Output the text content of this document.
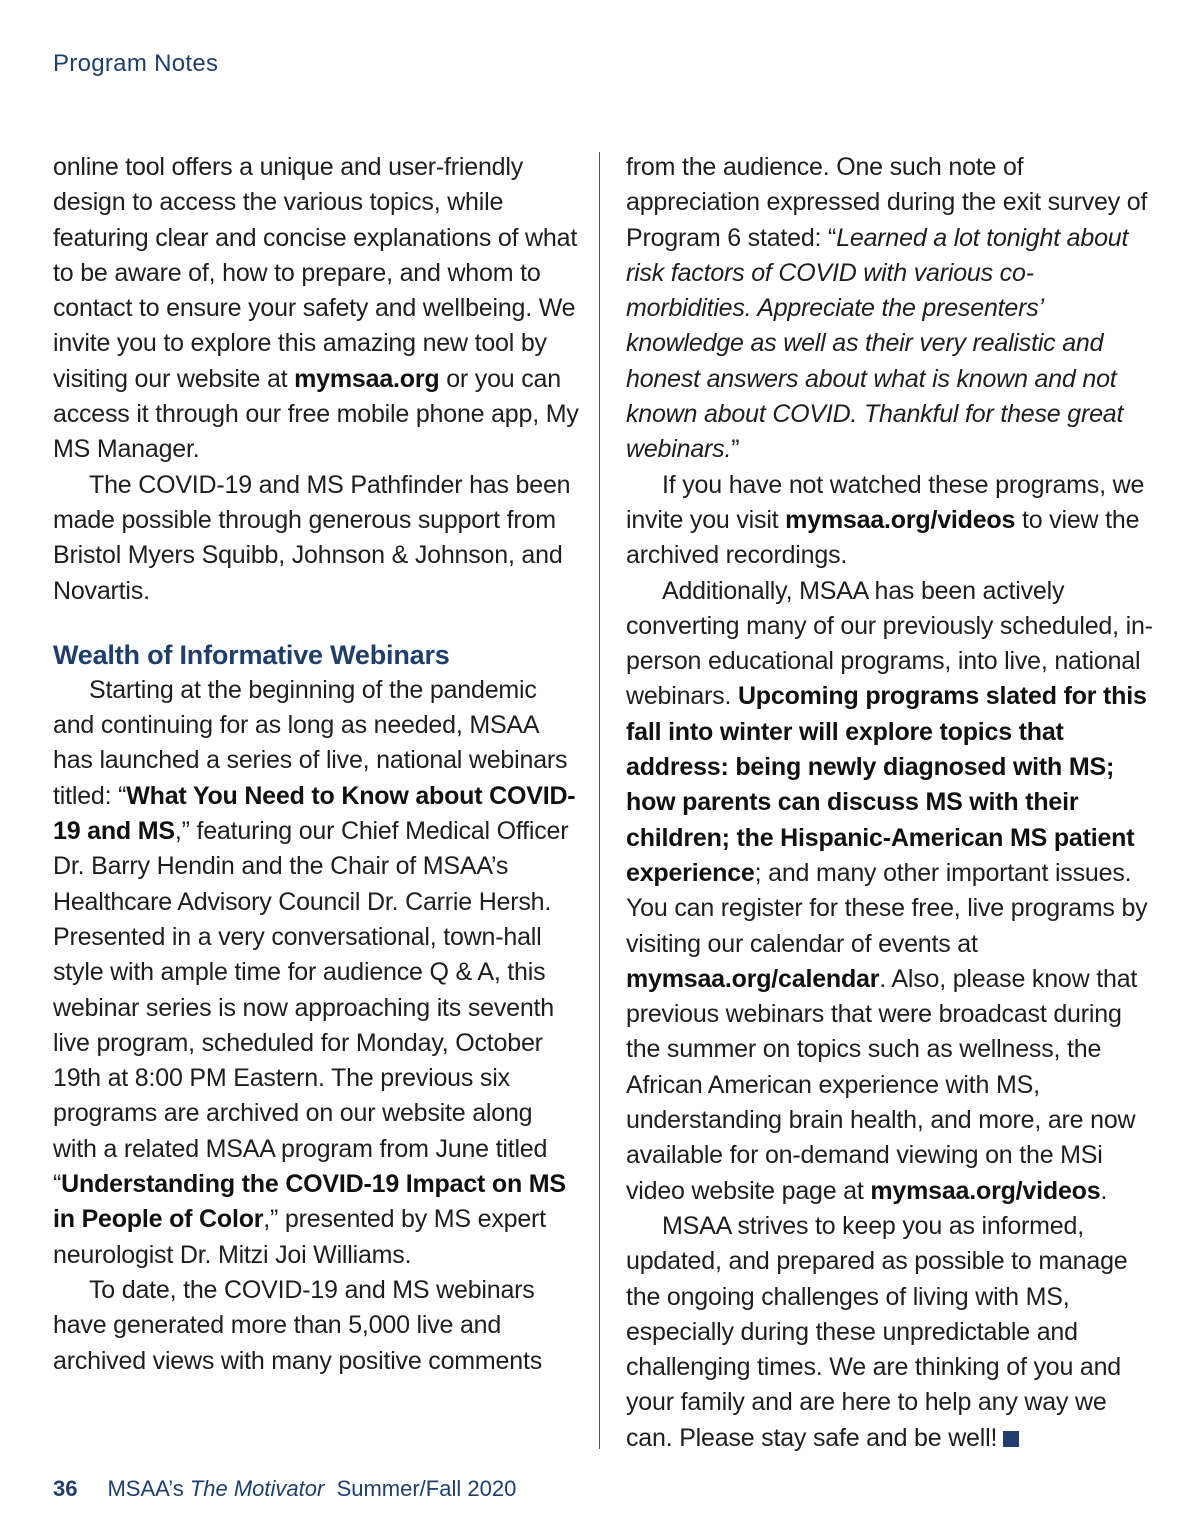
Program Notes

online tool offers a unique and user-friendly design to access the various topics, while featuring clear and concise explanations of what to be aware of, how to prepare, and whom to contact to ensure your safety and wellbeing. We invite you to explore this amazing new tool by visiting our website at mymsaa.org or you can access it through our free mobile phone app, My MS Manager.

The COVID-19 and MS Pathfinder has been made possible through generous support from Bristol Myers Squibb, Johnson & Johnson, and Novartis.

Wealth of Informative Webinars

Starting at the beginning of the pandemic and continuing for as long as needed, MSAA has launched a series of live, national webinars titled: “What You Need to Know about COVID-19 and MS,” featuring our Chief Medical Officer Dr. Barry Hendin and the Chair of MSAA’s Healthcare Advisory Council Dr. Carrie Hersh. Presented in a very conversational, town-hall style with ample time for audience Q & A, this webinar series is now approaching its seventh live program, scheduled for Monday, October 19th at 8:00 PM Eastern. The previous six programs are archived on our website along with a related MSAA program from June titled “Understanding the COVID-19 Impact on MS in People of Color,” presented by MS expert neurologist Dr. Mitzi Joi Williams.

To date, the COVID-19 and MS webinars have generated more than 5,000 live and archived views with many positive comments

from the audience. One such note of appreciation expressed during the exit survey of Program 6 stated: “Learned a lot tonight about risk factors of COVID with various co-morbidities. Appreciate the presenters’ knowledge as well as their very realistic and honest answers about what is known and not known about COVID. Thankful for these great webinars.”

If you have not watched these programs, we invite you visit mymsaa.org/videos to view the archived recordings.

Additionally, MSAA has been actively converting many of our previously scheduled, in-person educational programs, into live, national webinars. Upcoming programs slated for this fall into winter will explore topics that address: being newly diagnosed with MS; how parents can discuss MS with their children; the Hispanic-American MS patient experience; and many other important issues. You can register for these free, live programs by visiting our calendar of events at mymsaa.org/calendar. Also, please know that previous webinars that were broadcast during the summer on topics such as wellness, the African American experience with MS, understanding brain health, and more, are now available for on-demand viewing on the MSi video website page at mymsaa.org/videos.

MSAA strives to keep you as informed, updated, and prepared as possible to manage the ongoing challenges of living with MS, especially during these unpredictable and challenging times. We are thinking of you and your family and are here to help any way we can. Please stay safe and be well!

36 MSAA’s The Motivator Summer/Fall 2020
